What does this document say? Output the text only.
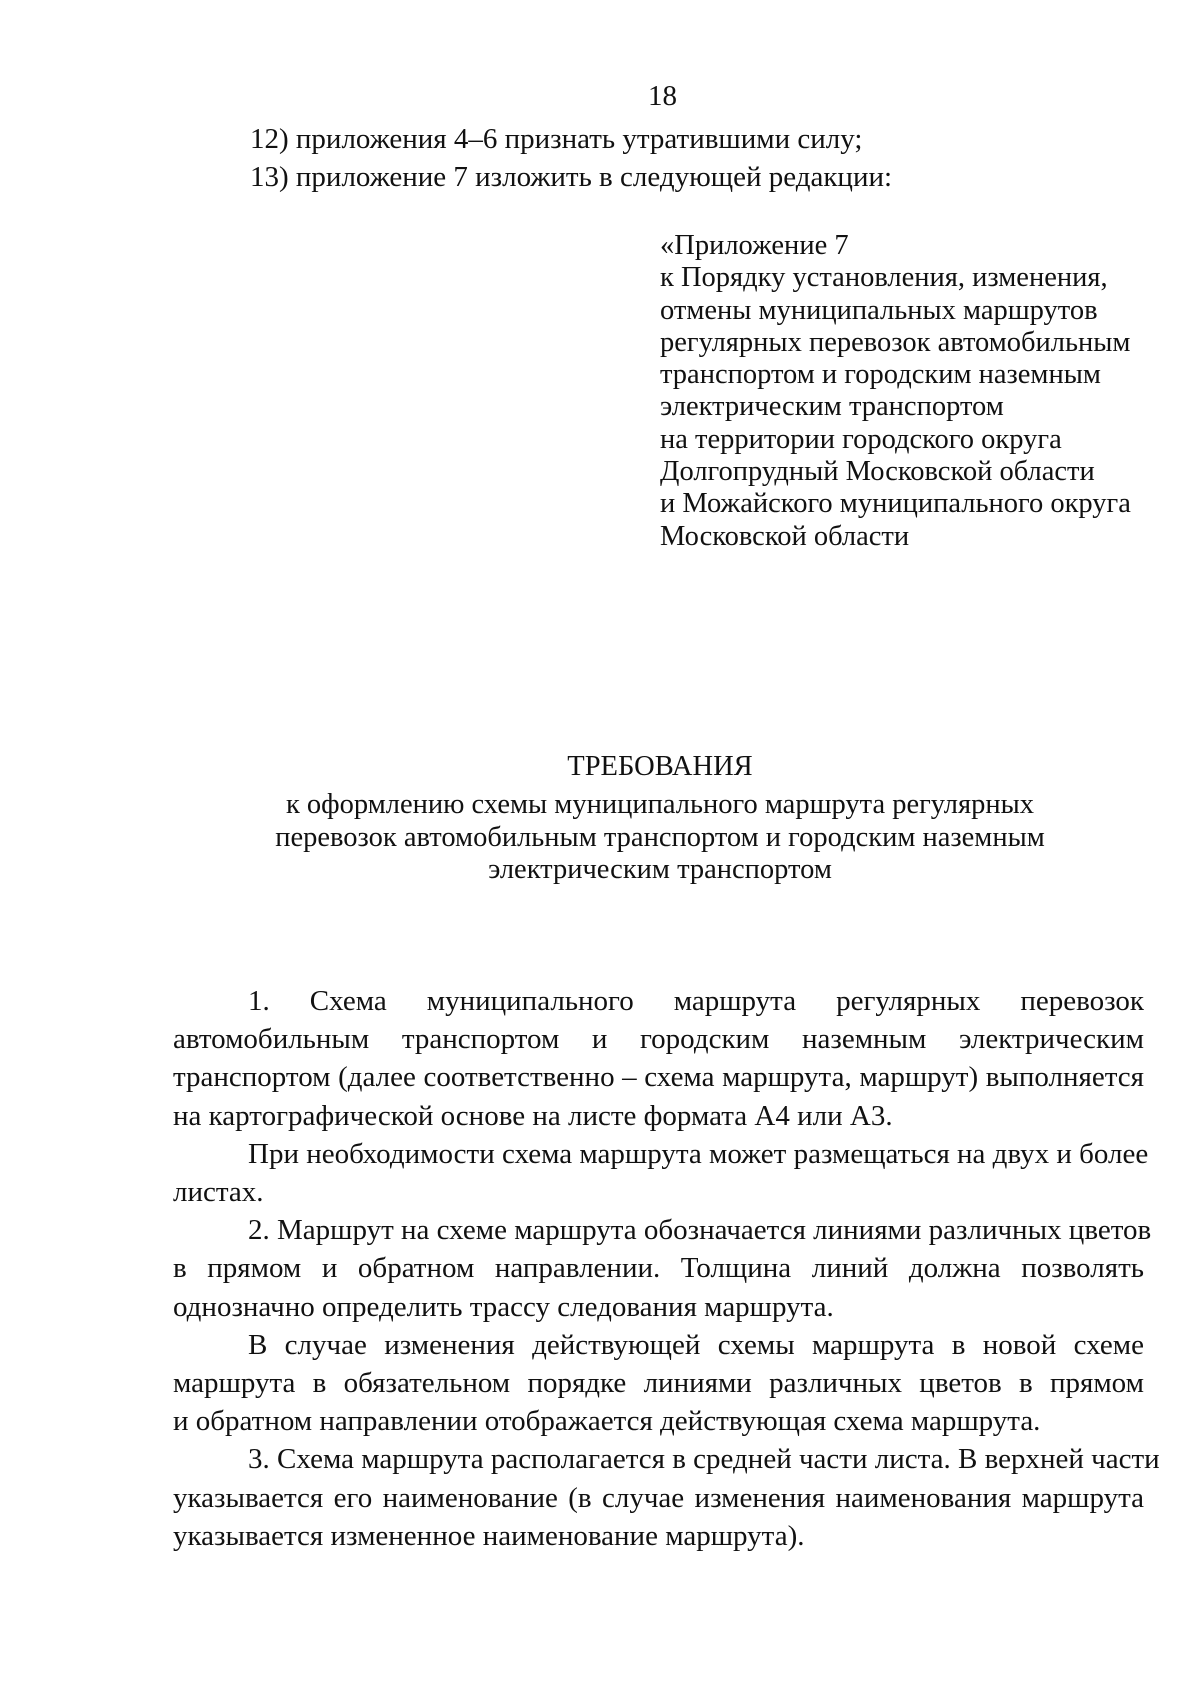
18

12) приложения 4–6 признать утратившими силу;

13) приложение 7 изложить в следующей редакции:

«Приложение 7
к Порядку установления, изменения,
отмены муниципальных маршрутов
регулярных перевозок автомобильным
транспортом и городским наземным
электрическим транспортом
на территории городского округа
Долгопрудный Московской области
и Можайского муниципального округа
Московской области
ТРЕБОВАНИЯ
к оформлению схемы муниципального маршрута регулярных
перевозок автомобильным транспортом и городским наземным
электрическим транспортом
1. Схема муниципального маршрута регулярных перевозок
автомобильным транспортом и городским наземным электрическим
транспортом (далее соответственно – схема маршрута, маршрут) выполняется
на картографической основе на листе формата А4 или А3.
При необходимости схема маршрута может размещаться на двух и более
листах.
2. Маршрут на схеме маршрута обозначается линиями различных цветов
в прямом и обратном направлении. Толщина линий должна позволять
однозначно определить трассу следования маршрута.
В случае изменения действующей схемы маршрута в новой схеме
маршрута в обязательном порядке линиями различных цветов в прямом
и обратном направлении отображается действующая схема маршрута.
3. Схема маршрута располагается в средней части листа. В верхней части
указывается его наименование (в случае изменения наименования маршрута
указывается измененное наименование маршрута).
